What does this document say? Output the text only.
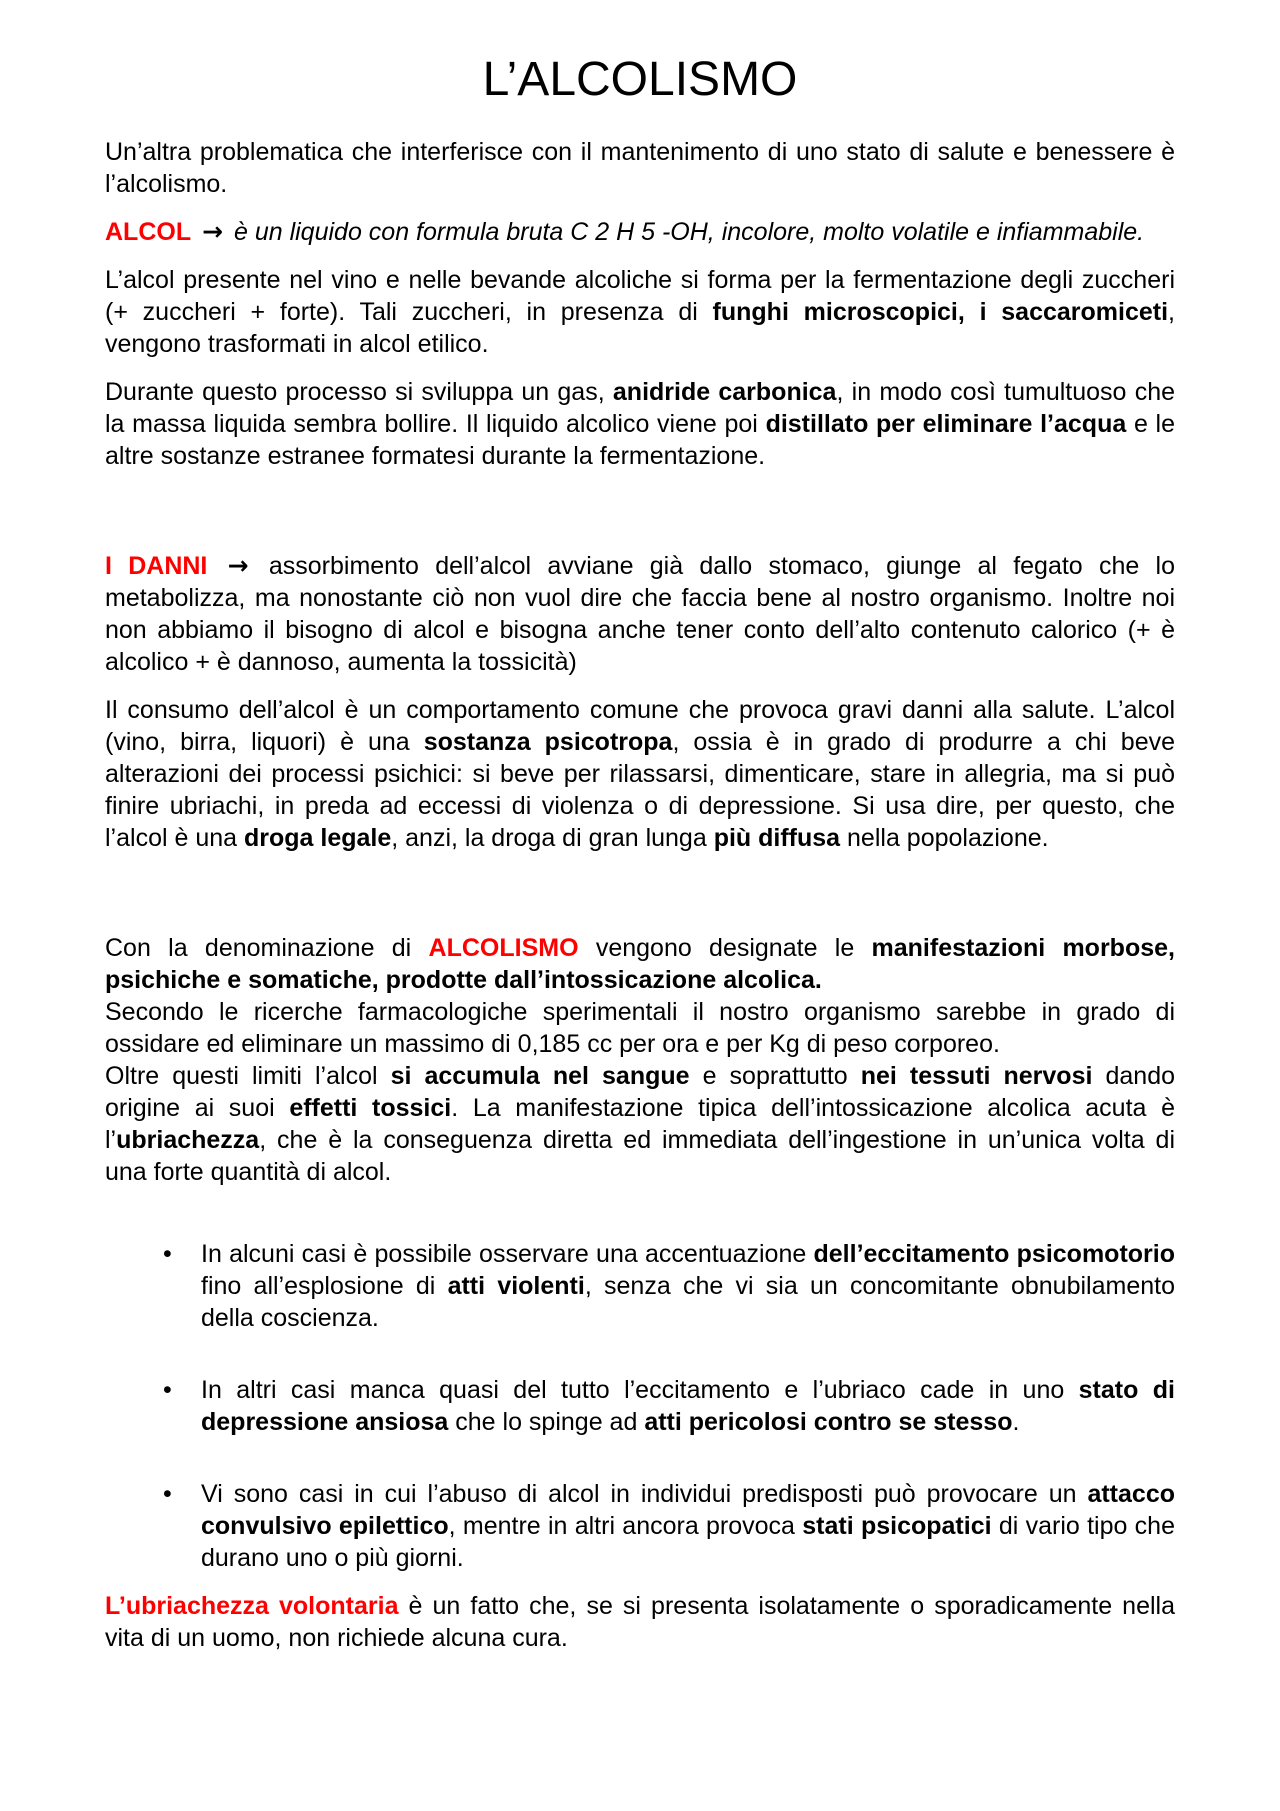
L’ALCOLISMO
Un’altra problematica che interferisce con il mantenimento di uno stato di salute e benessere è l’alcolismo.
ALCOL → è un liquido con formula bruta C 2 H 5 -OH, incolore, molto volatile e infiammabile.
L’alcol presente nel vino e nelle bevande alcoliche si forma per la fermentazione degli zuccheri (+ zuccheri + forte). Tali zuccheri, in presenza di funghi microscopici, i saccaromiceti, vengono trasformati in alcol etilico.
Durante questo processo si sviluppa un gas, anidride carbonica, in modo così tumultuoso che la massa liquida sembra bollire. Il liquido alcolico viene poi distillato per eliminare l’acqua e le altre sostanze estranee formatesi durante la fermentazione.
I DANNI → assorbimento dell’alcol avviane già dallo stomaco, giunge al fegato che lo metabolizza, ma nonostante ciò non vuol dire che faccia bene al nostro organismo. Inoltre noi non abbiamo il bisogno di alcol e bisogna anche tener conto dell’alto contenuto calorico (+ è alcolico + è dannoso, aumenta la tossicità)
Il consumo dell’alcol è un comportamento comune che provoca gravi danni alla salute. L’alcol (vino, birra, liquori) è una sostanza psicotropa, ossia è in grado di produrre a chi beve alterazioni dei processi psichici: si beve per rilassarsi, dimenticare, stare in allegria, ma si può finire ubriachi, in preda ad eccessi di violenza o di depressione. Si usa dire, per questo, che l’alcol è una droga legale, anzi, la droga di gran lunga più diffusa nella popolazione.
Con la denominazione di ALCOLISMO vengono designate le manifestazioni morbose, psichiche e somatiche, prodotte dall’intossicazione alcolica.
Secondo le ricerche farmacologiche sperimentali il nostro organismo sarebbe in grado di ossidare ed eliminare un massimo di 0,185 cc per ora e per Kg di peso corporeo.
Oltre questi limiti l’alcol si accumula nel sangue e soprattutto nei tessuti nervosi dando origine ai suoi effetti tossici. La manifestazione tipica dell’intossicazione alcolica acuta è l’ubriachezza, che è la conseguenza diretta ed immediata dell’ingestione in un’unica volta di una forte quantità di alcol.
•	In alcuni casi è possibile osservare una accentuazione dell’eccitamento psicomotorio fino all’esplosione di atti violenti, senza che vi sia un concomitante obnubilamento della coscienza.
•	In altri casi manca quasi del tutto l’eccitamento e l’ubriaco cade in uno stato di depressione ansiosa che lo spinge ad atti pericolosi contro se stesso.
•	Vi sono casi in cui l’abuso di alcol in individui predisposti può provocare un attacco convulsivo epilettico, mentre in altri ancora provoca stati psicopatici di vario tipo che durano uno o più giorni.
L’ubriachezza volontaria è un fatto che, se si presenta isolatamente o sporadicamente nella vita di un uomo, non richiede alcuna cura.
